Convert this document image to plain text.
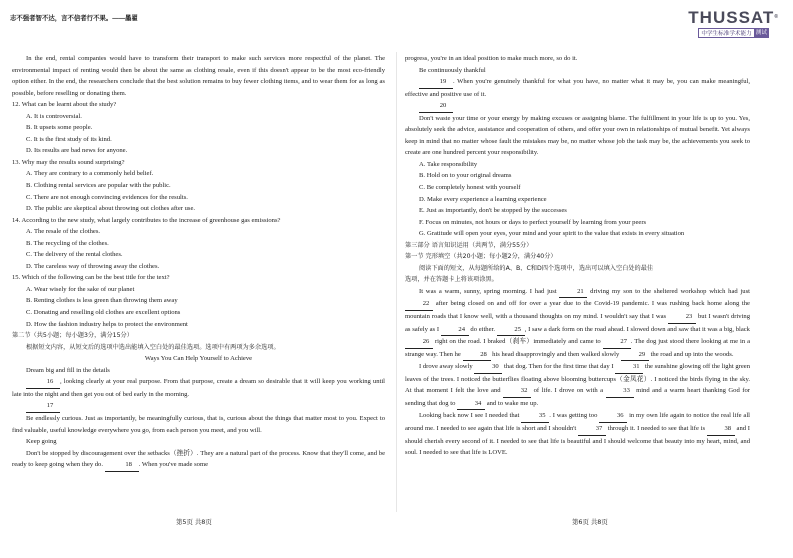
志不强者智不达，言不信者行不果。——墨翟	THUSSAT®
中学生标准学术能力 测试

In the end, rental companies would have to transform their transport to make such services more respectful of the planet. The environmental impact of renting would then be about the same as clothing resale, even if this doesn't appear to be the most eco-friendly option either. In the end, the researchers conclude that the best solution remains to buy fewer clothing items, and to wear them for as long as possible, before reselling or donating them.

12. What can be learnt about the study?

A. It is controversial.

B. It upsets some people.

C. It is the first study of its kind.

D. Its results are bad news for anyone.

13. Why may the results sound surprising?

A. They are contrary to a commonly held belief.

B. Clothing rental services are popular with the public.

C. There are not enough convincing evidences for the results.

D. The public are skeptical about throwing out clothes after use.

14. According to the new study, what largely contributes to the increase of greenhouse gas emissions?

A. The resale of the clothes.

B. The recycling of the clothes.

C. The delivery of the rental clothes.

D. The careless way of throwing away the clothes.

15. Which of the following can be the best title for the text?

A. Wear wisely for the sake of our planet

B. Renting clothes is less green than throwing them away

C. Donating and reselling old clothes are excellent options

D. How the fashion industry helps to protect the environment

第二节（共5小题；每小题3分，满分15分）

根据短文内容，从短文后的选项中选出能填入空白处的最佳选项。选项中有两项为多余选项。

Ways You Can Help Yourself to Achieve

Dream big and fill in the details

16 , looking clearly at your real purpose. From that purpose, create a dream so desirable that it will keep you working until late into the night and then get you out of bed early in the morning.

17

Be endlessly curious. Just as importantly, be meaningfully curious, that is, curious about the things that matter most to you. Expect to find valuable, useful knowledge everywhere you go, from each person you meet, and you will.

Keep going

Don't be stopped by discouragement over the setbacks（挫折）. They are a natural part of the process. Know that they'll come, and be ready to keep going when they do.	18 . When you've made some

progress, you're in an ideal position to make much more, so do it.

Be continuously thankful

19 . When you're genuinely thankful for what you have, no matter what it may be, you can make meaningful, effective and positive use of it.

20

Don't waste your time or your energy by making excuses or assigning blame. The fulfillment in your life is up to you. Yes, absolutely seek the advice, assistance and cooperation of others, and offer your own in relationships of mutual benefit. Yet always keep in mind that no matter whose fault the mistakes may be, no matter whose job the task may be, the achievements you seek to create are one hundred percent your responsibility.

A. Take responsibility

B. Hold on to your original dreams

C. Be completely honest with yourself

D. Make every experience a learning experience

E. Just as importantly, don't be stopped by the successes

F. Focus on minutes, not hours or days to perfect yourself by learning from your peers

G. Gratitude will open your eyes, your mind and your spirit to the value that exists in every situation

第三部分 语言知识运用（共两节，满分55分）

第一节 完形填空（共20小题；每小题2分，满分40分）

阅读下面的短文，从每题所给的A、B、C和D四个选项中，选出可以填入空白处的最佳

选项，并在答题卡上将该项涂黑。

It was a warm, sunny, spring morning. I had just	21 driving my son to the sheltered workshop which had just 22 after being closed on and off for over a year due to the Covid-19 pandemic. I was rushing back home along the mountain roads that I know well, with a thousand thoughts on my mind. I wouldn't say that I was	23 but I wasn't driving as safely as I	24 do either.	25 , I saw a dark form on the road ahead. I slowed down and saw that it was a big, black 26 right on the road. I braked（刹车）immediately and came to	27 . The dog just stood there looking at me in a strange way. Then he	28 his head disapprovingly and then walked slowly	29 the road and up into the woods.

I drove away slowly	30 that dog. Then for the first time that day I	31 the sunshine glowing off the light green leaves of the trees. I noticed the butterflies floating above blooming buttercups（金凤花）. I noticed the birds flying in the sky. At that moment I felt the love and	32 of life. I drove on with a	33 mind and a warm heart thanking God for sending that dog to	34 and to wake me up.

Looking back now I see I needed that	35 . I was getting too	36 in my own life again to notice the real life all around me. I needed to see again that life is short and I shouldn't	37 through it. I needed to see that life is	38 and I should cherish every second of it. I needed to see that life is beautiful and I should welcome that beauty into my heart, mind, and soul. I needed to see that life is LOVE.

第5页 共8页	第6页 共8页
